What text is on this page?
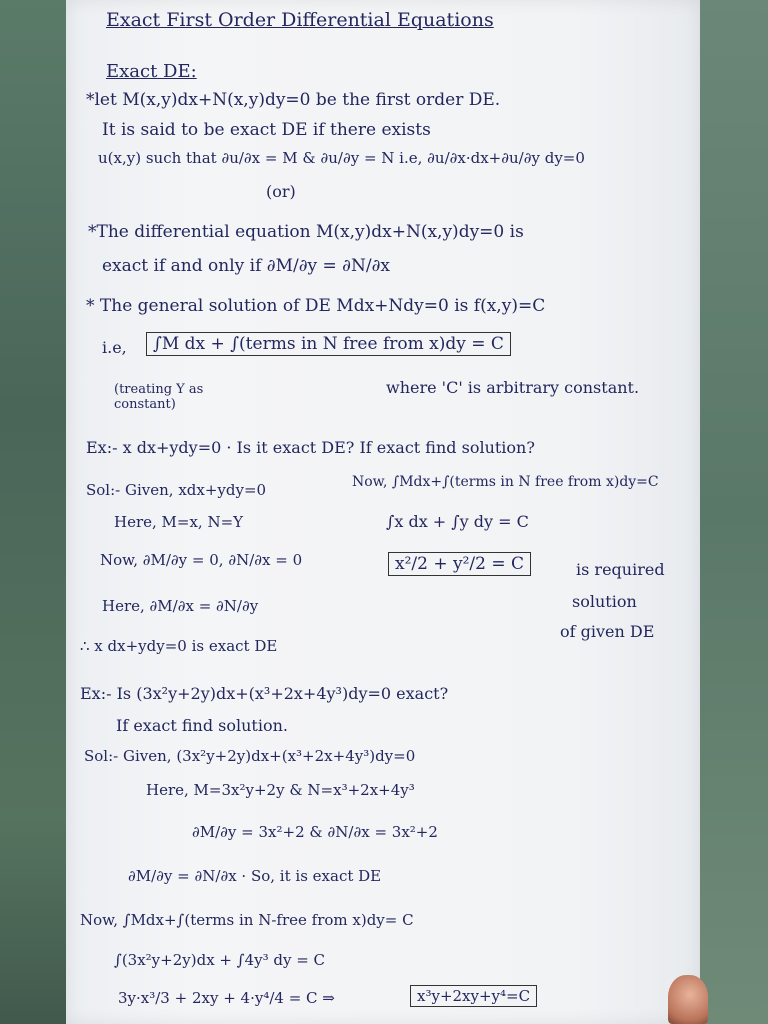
Exact First Order Differential Equations
Exact DE:
*let M(x,y)dx+N(x,y)dy=0 be the first order DE.
It is said to be exact DE if there exists
u(x,y) such that ∂u/∂x = M & ∂u/∂y = N i.e, ∂u/∂x·dx+∂u/∂y dy=0
(or)
*The differential equation M(x,y)dx+N(x,y)dy=0 is
exact if and only if ∂M/∂y = ∂N/∂x
* The general solution of DE Mdx+Ndy=0 is f(x,y)=C
i.e,	∫M dx + ∫(terms in N free from x)dy = C
(treating Y as constant)
where 'C' is arbitrary constant.
Ex:- x dx+ydy=0 · Is it exact DE? If exact find solution?
Sol:- Given, xdx+ydy=0	Now, ∫Mdx+∫(terms in N free from x)dy=C
Here, M=x, N=Y	∫x dx + ∫y dy = C
Now, ∂M/∂y = 0, ∂N/∂x = 0	x²/2 + y²/2 = C	is required
Here, ∂M/∂x = ∂N/∂y	solution
∴ x dx+ydy=0 is exact DE
of given DE
Ex:- Is (3x²y+2y)dx+(x³+2x+4y³)dy=0 exact?
If exact find solution.
Sol:- Given, (3x²y+2y)dx+(x³+2x+4y³)dy=0
Here, M=3x²y+2y & N=x³+2x+4y³
∂M/∂y = 3x²+2 & ∂N/∂x = 3x²+2
∂M/∂y = ∂N/∂x · So, it is exact DE
Now, ∫Mdx+∫(terms in N-free from x)dy= C
∫(3x²y+2y)dx + ∫4y³ dy = C
3y·x³/3 + 2xy + 4·y⁴/4 = C ⇒	x³y+2xy+y⁴=C
